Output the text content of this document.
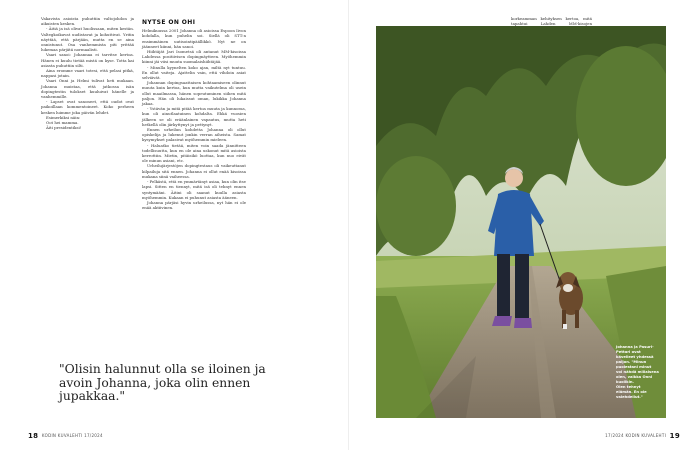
Vakavista asioista puhuttiin valtojohdon ja aikuisten kesken.

- Äitiä ja isä olivat huolissaan, miten kestän. Valtegkoikuvat uudistavat ja kohuttivat. Yritin näyttää, että pärjään, mutta en se aina onnistunut. Osa vanhemmista piti yrittää lukemaa pärjätä normaalisti.

Vaari sanoi: Johannaa ei tarvitse kertoa. Hänen ei kuulu tietää mistä on kyse. Totta kai asiasta puhuttiin silti.

Aina eromme vaari totesi, että pelasi pitkä, nappasi jotain.

Vaari Onni ja Helmi tulivat heti mukaan. Johanna muistaa, että jatkossa isän dopingtestin tulokset kuuluivat hänelle ja vanhemmille.

- Lapset ovat sanoneet, että oudot ovat paikoillaan kommentoineet. Koko perheen kesken luimme joka päivän lehdet.

Esimerkiksi näin:

Oot hei mamma.

Äiti presidentiksi!

NYTSE ON OHI

Helmikuussa 2001 Johanna oli asioissa Espoon Iivon kohdalla, kun puhelin soi. Siellä oli STT:n ensimmäinen uutisointipäällikkö. Nyt ne on jäänneet kiinni, hän sanoi.

Hiihtäjät Jari Isometsä oli antanut MM-kisoissa Lahdessa positiivisen dopingnäytteen. Myöhemmin kiinni jäi viisi muuta suomalaishiihtäjää.

- Minulla kyynelten koko ajan, miltä nyt tuntuu. En ollut vaiteja. Ajattelin vain, että vihdoin asiat selviävät.

Johannan dopingsaattaisen kohtaamiseen olinnut muuta kuin kertoa, kun mutta vaikutelma oli usein ollut maailmassa, hänen sopeutuminen siihen mitä paljon. Hän oli lukaissut oman, lukikka Johanna jakaa.

- Ystävän ja mitä pitää kertoa muuta ja kunnossa, kun oli ainutlaatuinen kohdalta. Ehkä vuosien jälkeen se oli eräänlainen vapautus, mutta heti hetkellä olin järkyttynyt ja pettynyt.

Ennen urheilun kohdetta Johanna oli ollut opiskelija ja lukenut jonkin verran aiheista. Samat kysymykset palasivat myöhemmin mieleen.

- Haluatko tietää, miten voin saada jännitteen todellisuutta, kun en ole aina uskonut mitä asioista kerrottiin. Mietin, pitäisikö luottaa, kun nuo eivät ole minun asiani, etc.

Urheilujärjestöjen dopingtestaus oli vaikeuttanut kilpailuja sitä ennen. Johanna ei ollut enää kisoissa mukana siinä vaiheessa.

- Pelkästä, että en ymmärtänyt asiaa, kun olin itse lapsi. Sitten en tiennyt, mitä isä oli tehnyt ennen syntymääni. Äitini oli saanut kuulla asiasta myöhemmin. Kukaan ei puhunut asiasta ääneen.

Johanna pärjäsi hyvin urheilussa, nyt hän ei ole enää aktiivinen.

"Olisin halunnut olla se iloinen ja avoin Johanna, joka olin ennen jupakkaa."
18 KODIN KUVALEHTI 17/2024

korkeamman kehityksen kertoa, mitä tapahtui Lahden MM-kisojen

Johanna ja Pasuri-
Pettari ovat
kävelleet yhdessä
paljon. "Minun
puolestani minut
voi nähdä millaisena
olen, vaikka Onni
kuolikin.
Olen tehnyt
elämän. En ole
valehdellut."
17/2024 KODIN KUVALEHTI 19
